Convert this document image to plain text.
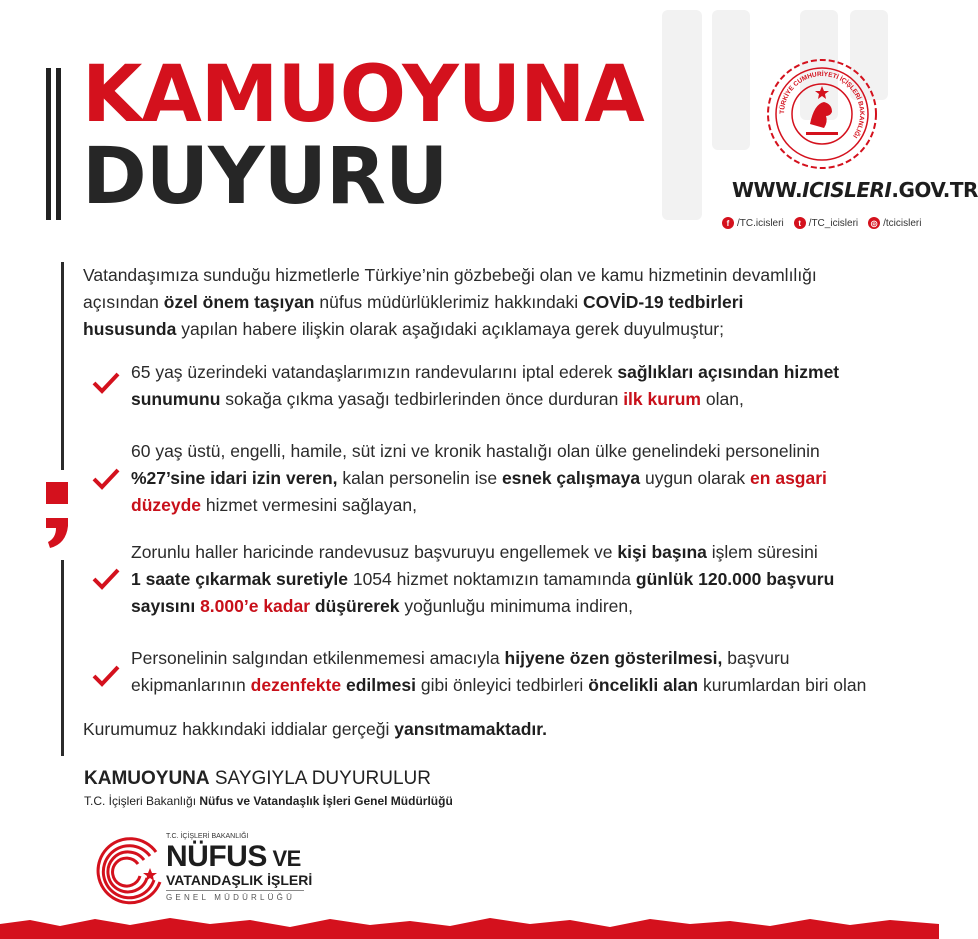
KAMUOYUNA
DUYURU
TÜRKİYE CUMHURİYETİ İÇİŞLERİ BAKANLIĞI
WWW.ICISLERI.GOV.TR
f /TC.icisleri	t /TC_icisleri	◎ /tcicisleri
Vatandaşımıza sunduğu hizmetlerle Türkiye’nin gözbebeği olan ve kamu hizmetinin devamlılığı
açısından özel önem taşıyan nüfus müdürlüklerimiz hakkındaki COVİD-19 tedbirleri
hususunda yapılan habere ilişkin olarak aşağıdaki açıklamaya gerek duyulmuştur;
65 yaş üzerindeki vatandaşlarımızın randevularını iptal ederek sağlıkları açısından hizmet
sunumunu sokağa çıkma yasağı tedbirlerinden önce durduran ilk kurum olan,
60 yaş üstü, engelli, hamile, süt izni ve kronik hastalığı olan ülke genelindeki personelinin
%27’sine idari izin veren, kalan personelin ise esnek çalışmaya uygun olarak en asgari
düzeyde hizmet vermesini sağlayan,
Zorunlu haller haricinde randevusuz başvuruyu engellemek ve kişi başına işlem süresini
1 saate çıkarmak suretiyle 1054 hizmet noktamızın tamamında günlük 120.000 başvuru
sayısını 8.000’e kadar düşürerek yoğunluğu minimuma indiren,
Personelinin salgından etkilenmemesi amacıyla hijyene özen gösterilmesi, başvuru
ekipmanlarının dezenfekte edilmesi gibi önleyici tedbirleri öncelikli alan kurumlardan biri olan
Kurumumuz hakkındaki iddialar gerçeği yansıtmamaktadır.
KAMUOYUNA SAYGIYLA DUYURULUR
T.C. İçişleri Bakanlığı Nüfus ve Vatandaşlık İşleri Genel Müdürlüğü
T.C. İÇİŞLERİ BAKANLIĞI
NÜFUS VE
VATANDAŞLIK İŞLERİ
GENEL MÜDÜRLÜĞÜ
